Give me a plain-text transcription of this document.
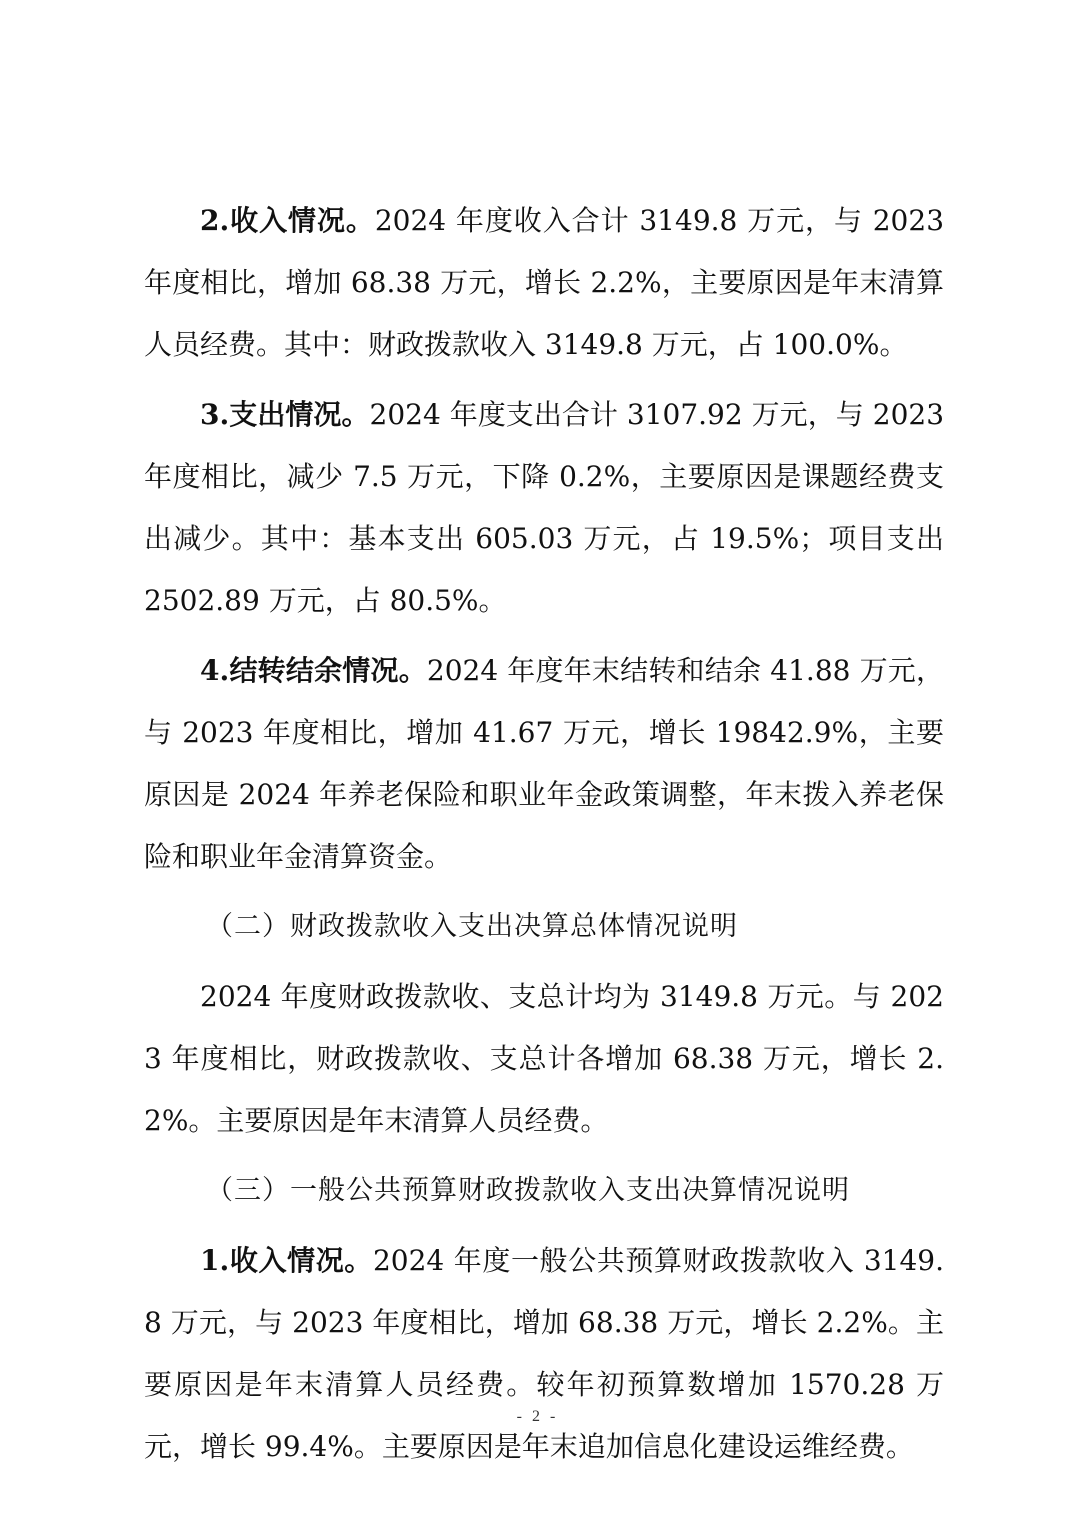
2.收入情况。2024 年度收入合计 3149.8 万元，与 2023 年度相比，增加 68.38 万元，增长 2.2%，主要原因是年末清算人员经费。其中：财政拨款收入 3149.8 万元，占 100.0%。

3.支出情况。2024 年度支出合计 3107.92 万元，与 2023 年度相比，减少 7.5 万元，下降 0.2%，主要原因是课题经费支出减少。其中：基本支出 605.03 万元，占 19.5%；项目支出 2502.89 万元，占 80.5%。

4.结转结余情况。2024 年度年末结转和结余 41.88 万元，与 2023 年度相比，增加 41.67 万元，增长 19842.9%，主要原因是 2024 年养老保险和职业年金政策调整，年末拨入养老保险和职业年金清算资金。

（二）财政拨款收入支出决算总体情况说明

2024 年度财政拨款收、支总计均为 3149.8 万元。与 2023 年度相比，财政拨款收、支总计各增加 68.38 万元，增长 2.2%。主要原因是年末清算人员经费。

（三）一般公共预算财政拨款收入支出决算情况说明

1.收入情况。2024 年度一般公共预算财政拨款收入 3149.8 万元，与 2023 年度相比，增加 68.38 万元，增长 2.2%。主要原因是年末清算人员经费。较年初预算数增加 1570.28 万元，增长 99.4%。主要原因是年末追加信息化建设运维经费。

- 2 -
